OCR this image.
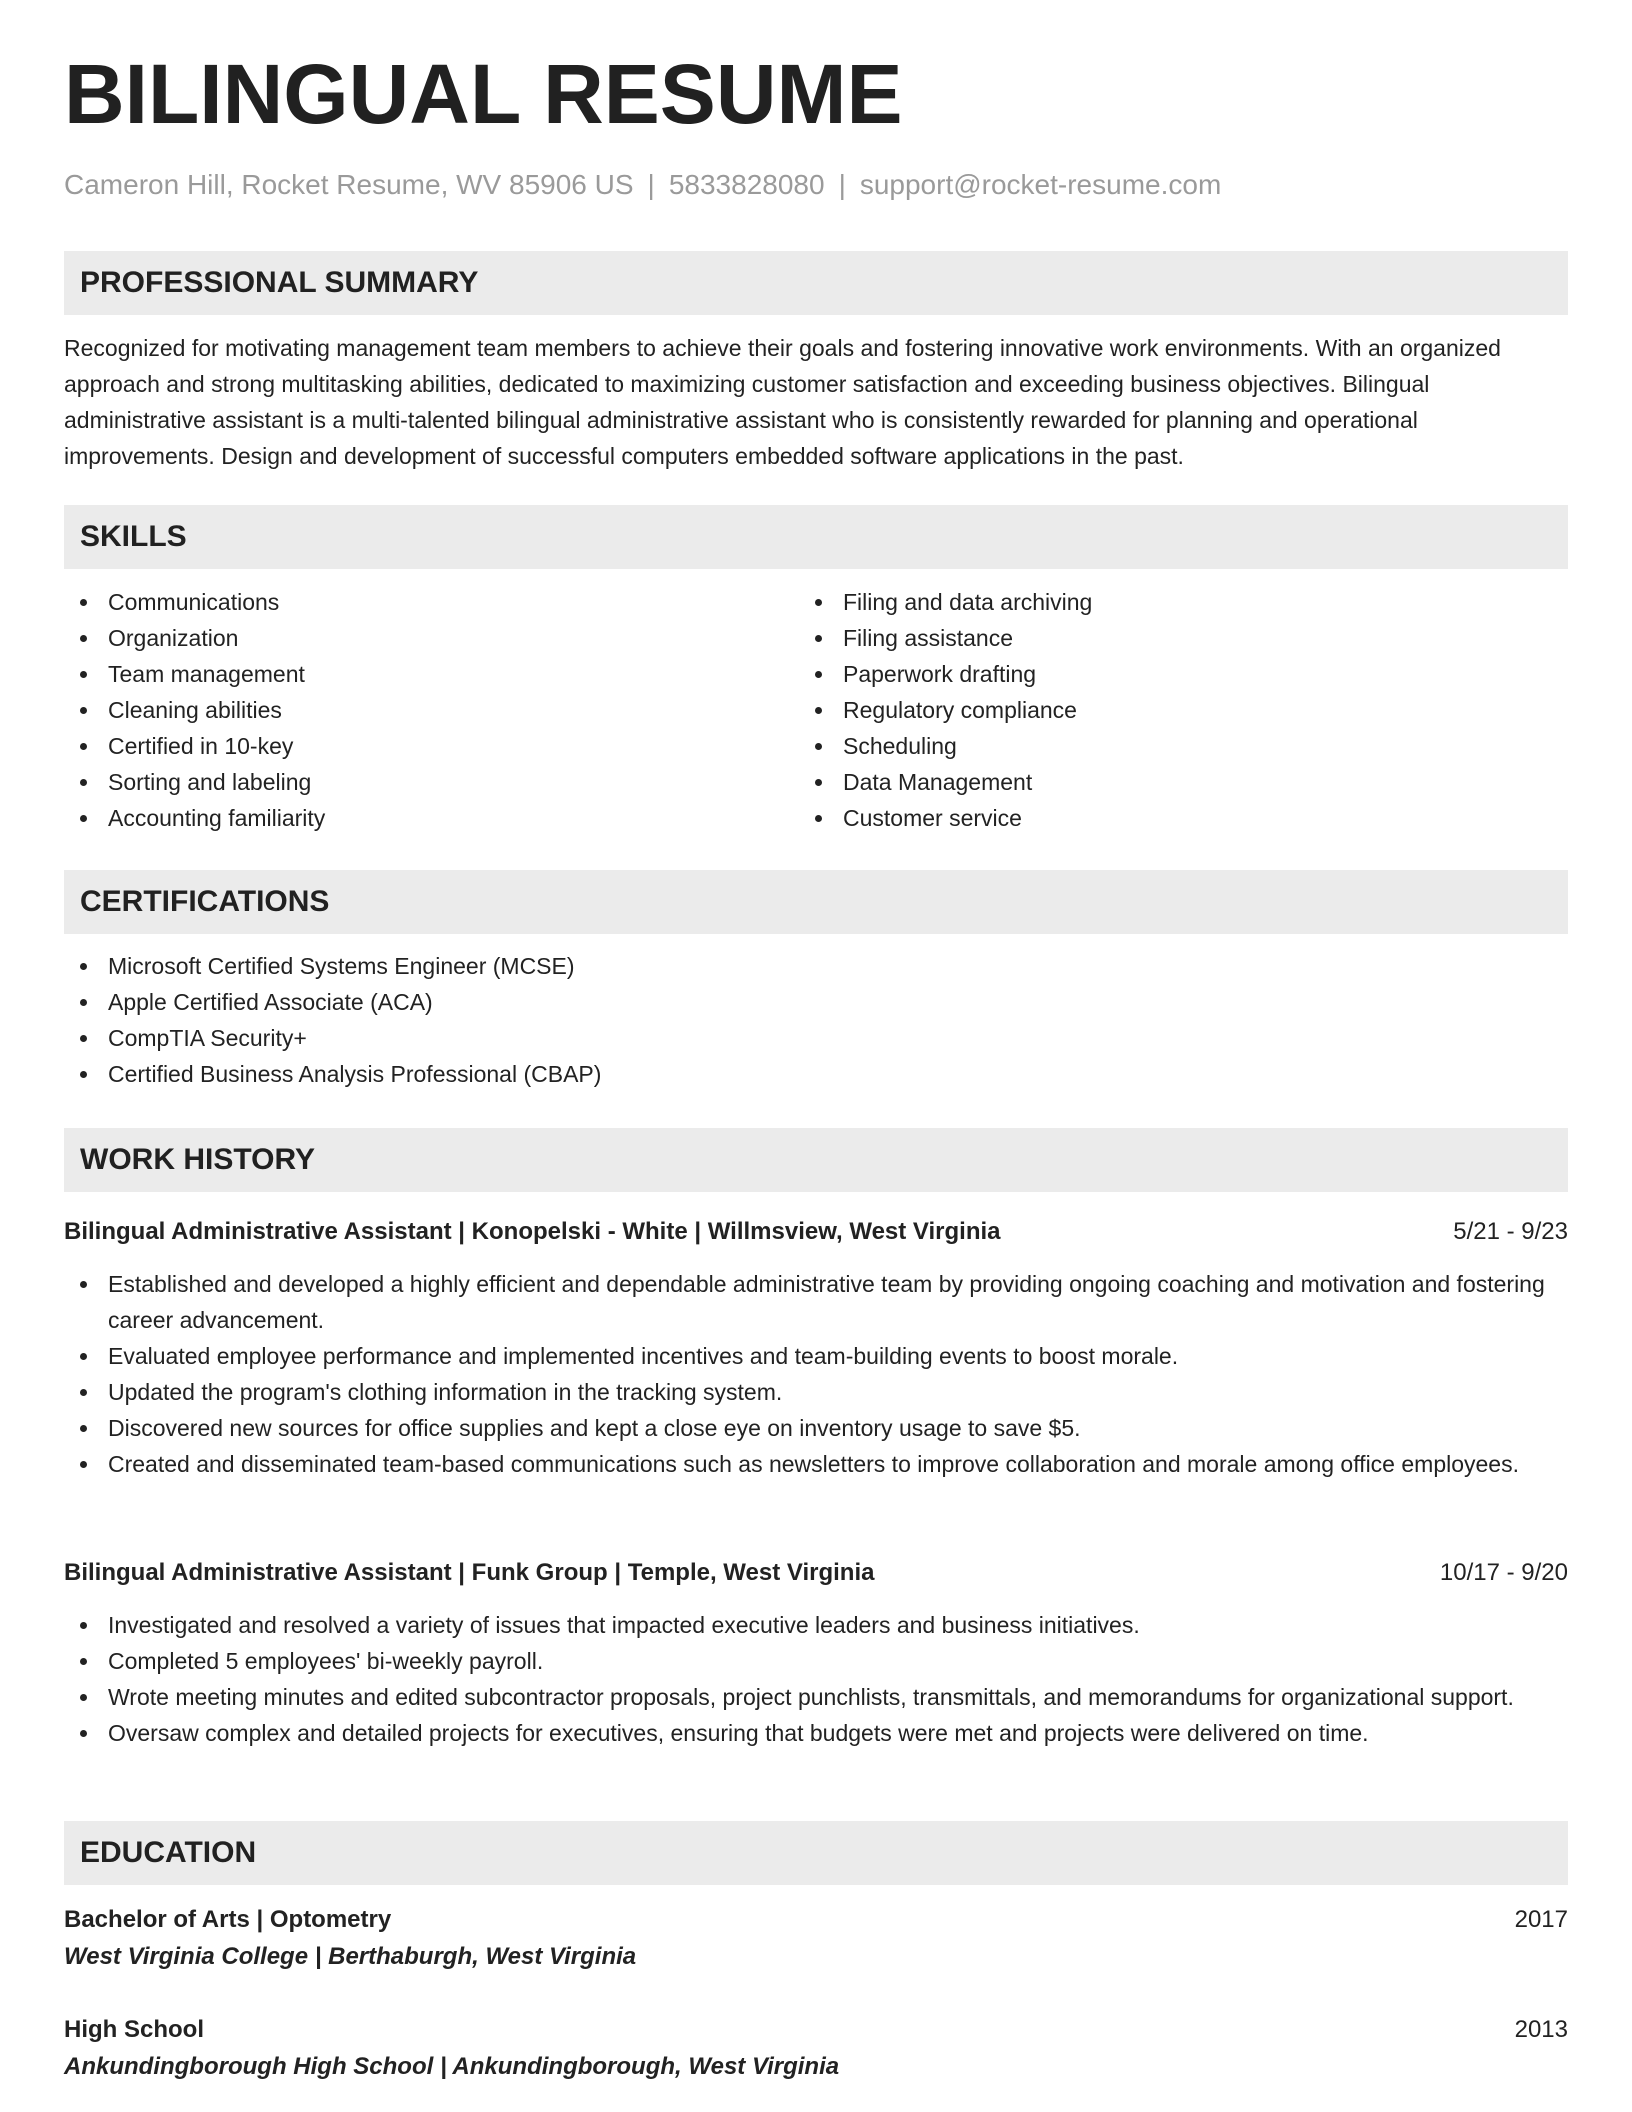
BILINGUAL RESUME
Cameron Hill, Rocket Resume, WV 85906 US | 5833828080 | support@rocket-resume.com
PROFESSIONAL SUMMARY
Recognized for motivating management team members to achieve their goals and fostering innovative work environments. With an organized approach and strong multitasking abilities, dedicated to maximizing customer satisfaction and exceeding business objectives. Bilingual administrative assistant is a multi-talented bilingual administrative assistant who is consistently rewarded for planning and operational improvements. Design and development of successful computers embedded software applications in the past.
SKILLS
Communications
Organization
Team management
Cleaning abilities
Certified in 10-key
Sorting and labeling
Accounting familiarity
Filing and data archiving
Filing assistance
Paperwork drafting
Regulatory compliance
Scheduling
Data Management
Customer service
CERTIFICATIONS
Microsoft Certified Systems Engineer (MCSE)
Apple Certified Associate (ACA)
CompTIA Security+
Certified Business Analysis Professional (CBAP)
WORK HISTORY
Bilingual Administrative Assistant | Konopelski - White | Willmsview, West Virginia	5/21 - 9/23
Established and developed a highly efficient and dependable administrative team by providing ongoing coaching and motivation and fostering career advancement.
Evaluated employee performance and implemented incentives and team-building events to boost morale.
Updated the program's clothing information in the tracking system.
Discovered new sources for office supplies and kept a close eye on inventory usage to save $5.
Created and disseminated team-based communications such as newsletters to improve collaboration and morale among office employees.
Bilingual Administrative Assistant | Funk Group | Temple, West Virginia	10/17 - 9/20
Investigated and resolved a variety of issues that impacted executive leaders and business initiatives.
Completed 5 employees' bi-weekly payroll.
Wrote meeting minutes and edited subcontractor proposals, project punchlists, transmittals, and memorandums for organizational support.
Oversaw complex and detailed projects for executives, ensuring that budgets were met and projects were delivered on time.
EDUCATION
Bachelor of Arts | Optometry	2017
West Virginia College | Berthaburgh, West Virginia
High School	2013
Ankundingborough High School | Ankundingborough, West Virginia
